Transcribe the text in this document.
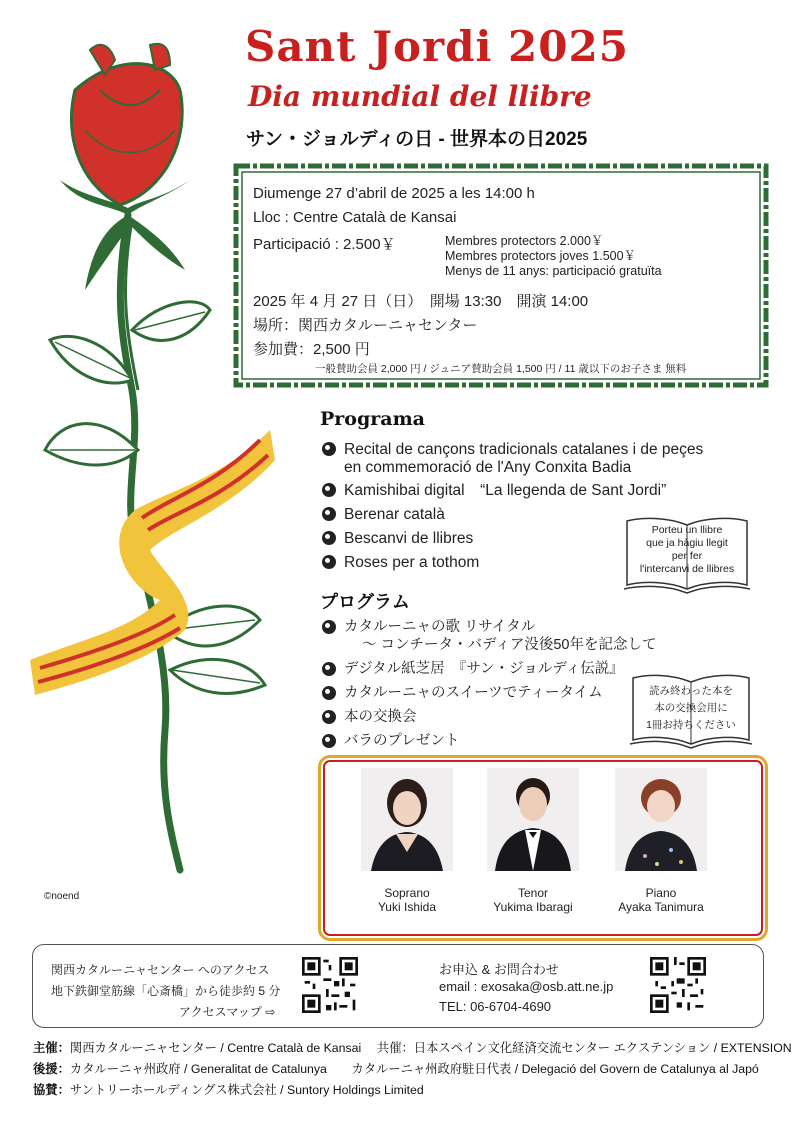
Sant Jordi 2025
Dia mundial del llibre
サン・ジョルディの日 - 世界本の日2025
Diumenge 27 d’abril de 2025 a les 14:00 h
Lloc : Centre Català de Kansai
Participació : 2.500￥	Membres protectors 2.000￥
Membres protectors joves 1.500￥
Menys de 11 anys: participació gratuïta
2025 年 4 月 27 日（日）　開場 13:30　開演 14:00
場所：関西カタルーニャセンター
参加費：2,500 円
一般賛助会員 2,000 円 / ジュニア賛助会員 1,500 円 / 11 歳以下のお子さま 無料
Programa
Recital de cançons tradicionals catalanes i de peçes
en commemoració de l'Any Conxita Badia
Kamishibai digital　“La llegenda de Sant Jordi”
Berenar català
Bescanvi de llibres
Roses per a tothom
Porteu un llibre
que ja hàgiu llegit
per fer
l'intercanvi de llibres
プログラム
カタルーニャの歌 リサイタル
～ コンチータ・バディア没後50年を記念して
デジタル紙芝居　『サン・ジョルディ伝説』
カタルーニャのスイーツでティータイム
本の交換会
バラのプレゼント
読み終わった本を
本の交換会用に
1冊お持ちください
Soprano
Yuki Ishida
Tenor
Yukima Ibaragi
Piano
Ayaka Tanimura
©noend
関西カタルーニャセンター へのアクセス
地下鉄御堂筋線「心斎橋」から徒歩約 5 分
アクセスマップ ⇨
お申込 & お問合わせ
email : exosaka@osb.att.ne.jp
TEL: 06-6704-4690
主催：関西カタルーニャセンター / Centre Català de Kansai　 共催：日本スペイン文化経済交流センター エクステンション / EXTENSION
後援：カタルーニャ州政府 / Generalitat de Catalunya　　カタルーニャ州政府駐日代表 / Delegació del Govern de Catalunya al Japó
協賛：サントリーホールディングス株式会社 / Suntory Holdings Limited
